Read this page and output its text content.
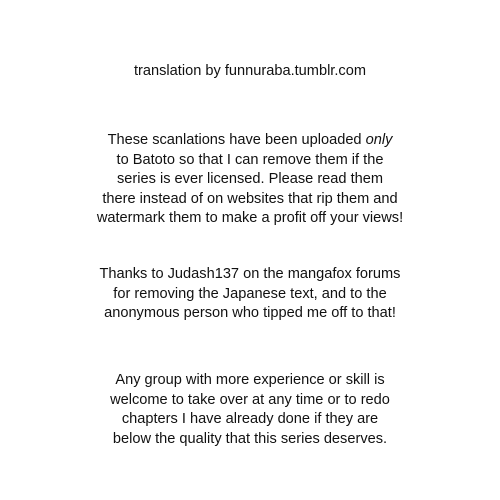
translation by funnuraba.tumblr.com

These scanlations have been uploaded only
to Batoto so that I can remove them if the
series is ever licensed. Please read them
there instead of on websites that rip them and
watermark them to make a profit off your views!

Thanks to Judash137 on the mangafox forums
for removing the Japanese text, and to the
anonymous person who tipped me off to that!

Any group with more experience or skill is
welcome to take over at any time or to redo
chapters I have already done if they are
below the quality that this series deserves.
